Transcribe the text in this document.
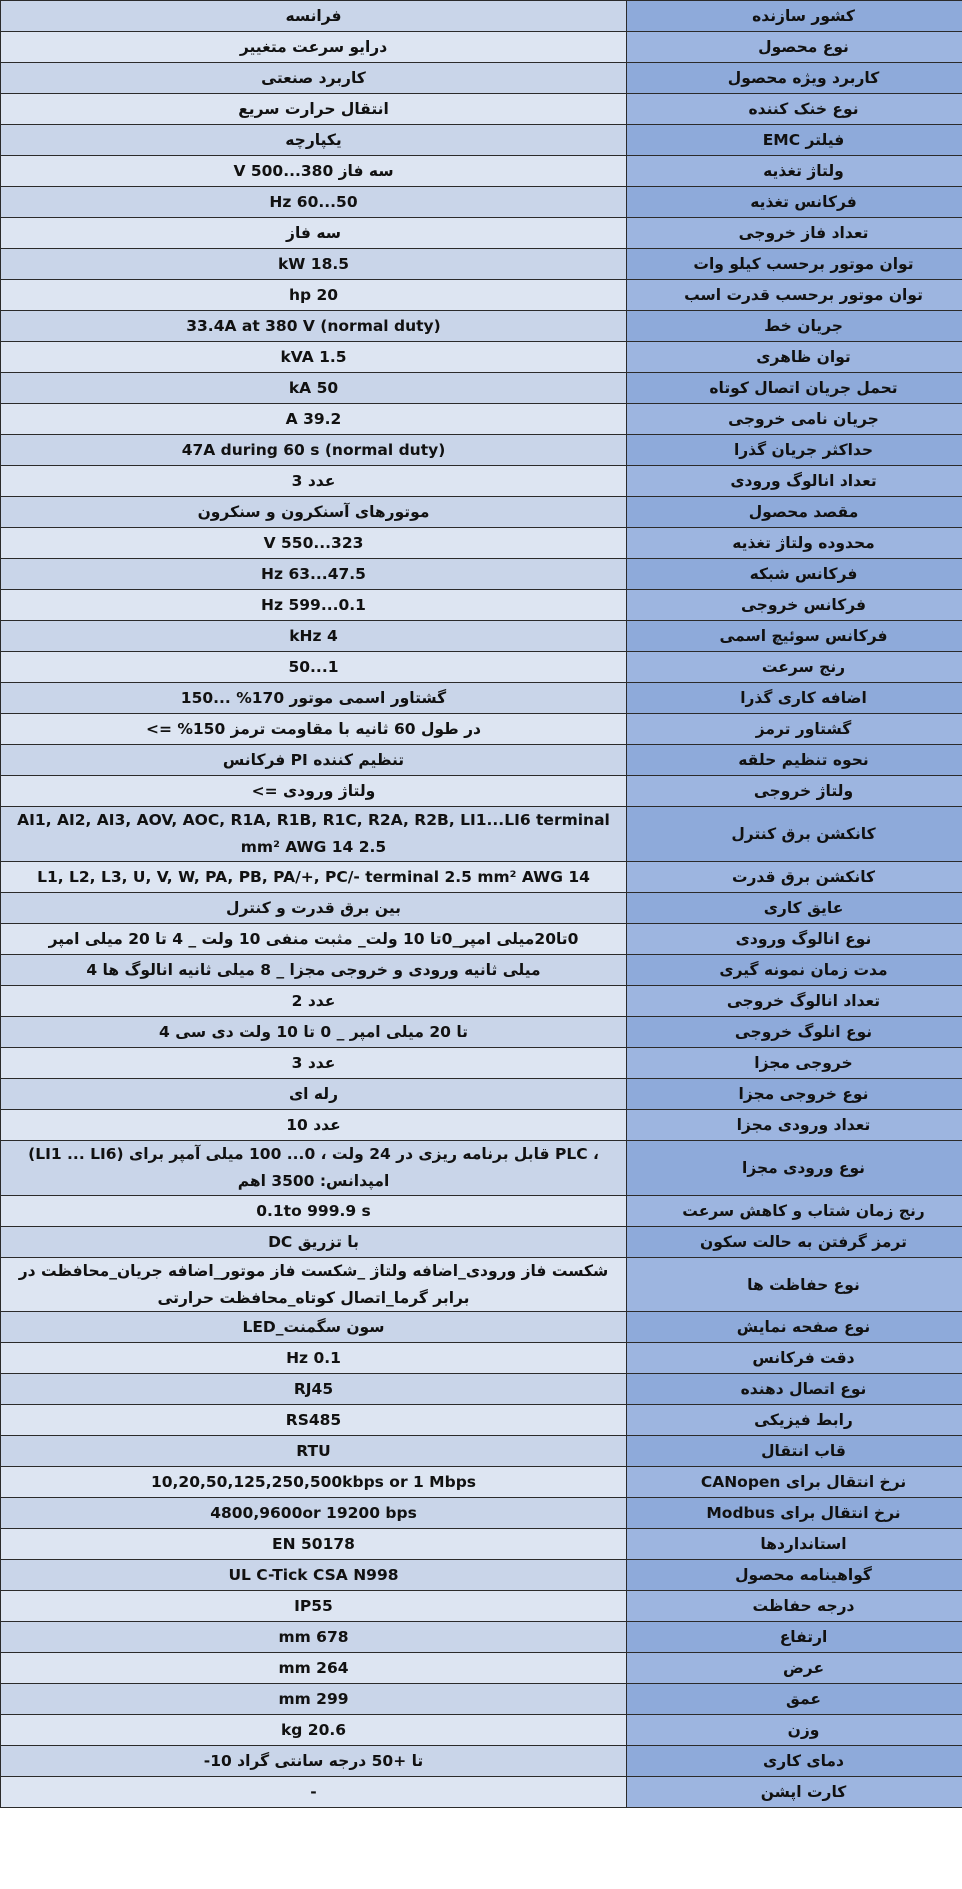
فرانسه	کشور سازنده
درایو سرعت متغییر	نوع محصول
کاربرد صنعتی	کاربرد ویژه محصول
انتقال حرارت سریع	نوع خنک کننده
یکپارچه	فیلتر EMC
سه فاز 380...500 V	ولتاژ تغذیه
50...60 Hz	فرکانس تغذیه
سه فاز	تعداد فاز خروجی
18.5 kW	توان موتور برحسب کیلو وات
20 hp	توان موتور برحسب قدرت اسب
33.4A at 380 V (normal duty)	جریان خط
1.5 kVA	توان ظاهری
50 kA	تحمل جریان اتصال کوتاه
39.2 A	جریان نامی خروجی
47A during 60 s (normal duty)	حداکثر جریان گذرا
عدد 3	تعداد انالوگ ورودی
موتورهای آسنکرون و سنکرون	مقصد محصول
323...550 V	محدوده ولتاژ تغذیه
47.5...63 Hz	فرکانس شبکه
0.1...599 Hz	فرکانس خروجی
4 kHz	فرکانس سوئیچ اسمی
1...50	رنج سرعت
گشتاور اسمی موتور 170% ...150	اضافه کاری گذرا
در طول 60 ثانیه با مقاومت ترمز 150% =>	گشتاور ترمز
تنظیم کننده PI فرکانس	نحوه تنظیم حلقه
ولتاژ ورودی =>	ولتاژ خروجی

AI1, AI2, AI3, AOV, AOC, R1A, R1B, R1C, R2A, R2B, LI1...LI6 terminal
2.5 mm² AWG 14	کانکشن برق کنترل
L1, L2, L3, U, V, W, PA, PB, PA/+, PC/- terminal 2.5 mm² AWG 14	کانکشن برق قدرت
بین برق قدرت و کنترل	عایق کاری
0تا20میلی امپر_0تا 10 ولت_ مثبت منفی 10 ولت _ 4 تا 20 میلی امپر	نوع انالوگ ورودی
میلی ثانیه ورودی و خروجی مجزا _ 8 میلی ثانیه انالوگ ها 4	مدت زمان نمونه گیری
عدد 2	تعداد انالوگ خروجی
تا 20 میلی امپر _ 0 تا 10 ولت دی سی 4	نوع انلوگ خروجی
عدد 3	خروجی مجزا
رله ای	نوع خروجی مجزا
عدد 10	تعداد ورودی مجزا

، PLC قابل برنامه ریزی در 24 ولت ، 0... 100 میلی آمپر برای (LI1 ... LI6)
امپدانس: 3500 اهم	نوع ورودی مجزا
0.1to 999.9 s	رنج زمان شتاب و کاهش سرعت
با تزریق DC	ترمز گرفتن به حالت سکون

شکست فاز ورودی_اضافه ولتاژ _شکست فاز موتور_اضافه جریان_محافظت در
برابر گرما_اتصال کوتاه_محافظت حرارتی	نوع حفاظت ها
سون سگمنت_LED	نوع صفحه نمایش
0.1 Hz	دقت فرکانس
RJ45	نوع اتصال دهنده
RS485	رابط فیزیکی
RTU	قاب انتقال
10,20,50,125,250,500kbps or 1 Mbps	نرخ انتقال برای CANopen
4800,9600or 19200 bps	نرخ انتقال برای Modbus
EN 50178	استانداردها
UL C-Tick CSA N998	گواهینامه محصول
IP55	درجه حفاظت
678 mm	ارتفاع
264 mm	عرض
299 mm	عمق
20.6 kg	وزن
تا +50 درجه سانتی گراد 10-	دمای کاری
-	کارت اپشن
